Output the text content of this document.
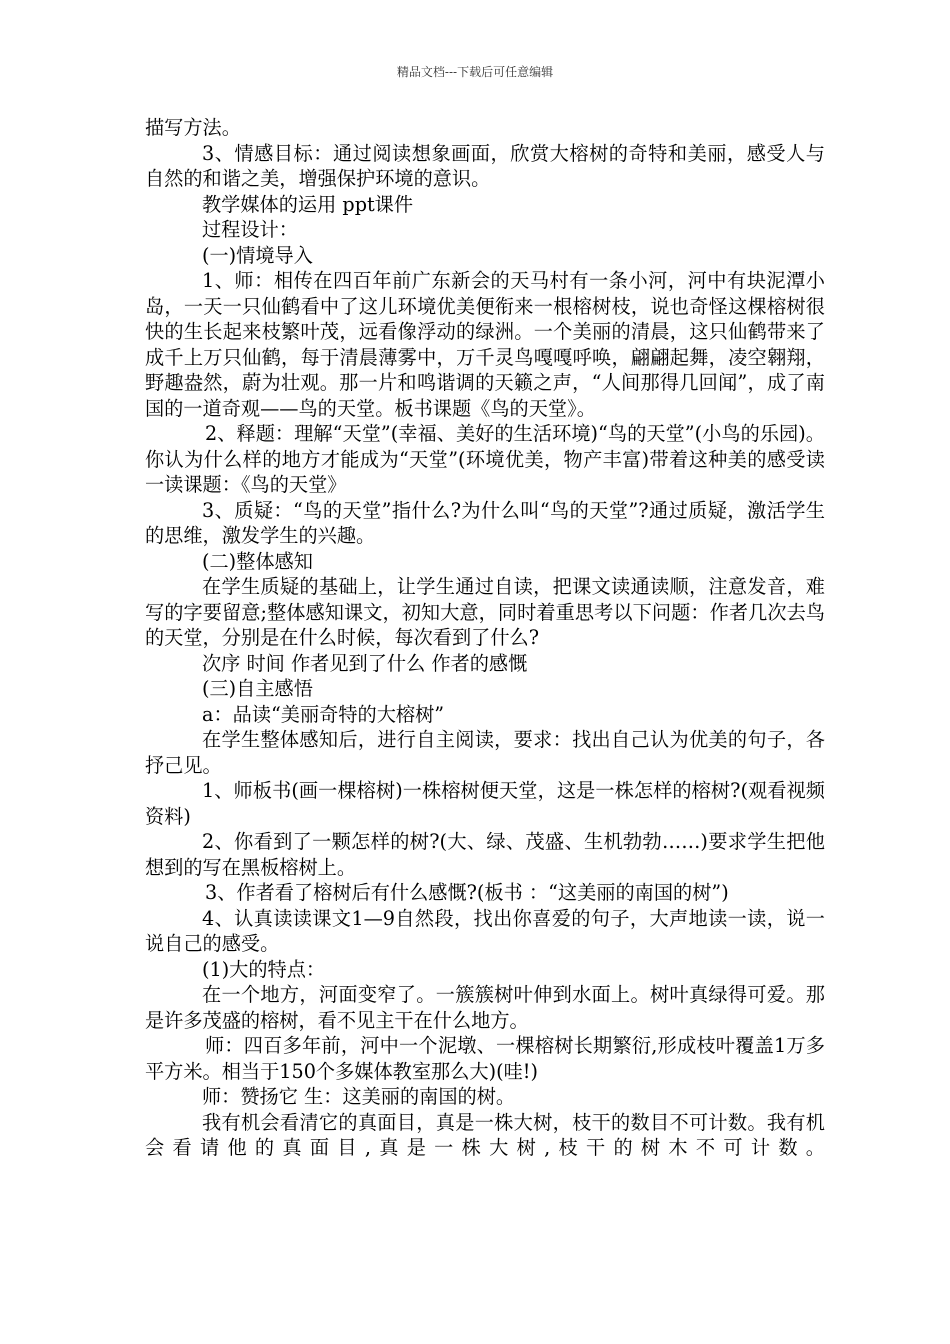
精品文档---下载后可任意编辑

描写方法。

3、情感目标：通过阅读想象画面，欣赏大榕树的奇特和美丽，感受人与自然的和谐之美，增强保护环境的意识。

教学媒体的运用 ppt课件

过程设计：

(一)情境导入

1、师：相传在四百年前广东新会的天马村有一条小河，河中有块泥潭小岛，一天一只仙鹤看中了这儿环境优美便衔来一根榕树枝，说也奇怪这棵榕树很快的生长起来枝繁叶茂，远看像浮动的绿洲。一个美丽的清晨，这只仙鹤带来了成千上万只仙鹤，每于清晨薄雾中，万千灵鸟嘎嘎呼唤，翩翩起舞，凌空翱翔，野趣盎然，蔚为壮观。那一片和鸣谐调的天籁之声，“人间那得几回闻”，成了南国的一道奇观——鸟的天堂。板书课题《鸟的天堂》。

2、释题：理解“天堂”(幸福、美好的生活环境)“鸟的天堂”(小鸟的乐园)。你认为什么样的地方才能成为“天堂”(环境优美，物产丰富)带着这种美的感受读一读课题：《鸟的天堂》

3、质疑：“鸟的天堂”指什么?为什么叫“鸟的天堂”?通过质疑，激活学生的思维，激发学生的兴趣。

(二)整体感知

在学生质疑的基础上，让学生通过自读，把课文读通读顺，注意发音，难写的字要留意;整体感知课文，初知大意，同时着重思考以下问题：作者几次去鸟的天堂，分别是在什么时候，每次看到了什么?

次序 时间 作者见到了什么 作者的感慨

(三)自主感悟

a：品读“美丽奇特的大榕树”

在学生整体感知后，进行自主阅读，要求：找出自己认为优美的句子，各抒己见。

1、师板书(画一棵榕树)一株榕树便天堂，这是一株怎样的榕树?(观看视频资料)

2、你看到了一颗怎样的树?(大、绿、茂盛、生机勃勃……)要求学生把他想到的写在黑板榕树上。

3、作者看了榕树后有什么感慨?(板书 ：“这美丽的南国的树”)

4、认真读读课文1—9自然段，找出你喜爱的句子，大声地读一读，说一说自己的感受。

(1)大的特点：

在一个地方，河面变窄了。一簇簇树叶伸到水面上。树叶真绿得可爱。那是许多茂盛的榕树，看不见主干在什么地方。

师：四百多年前，河中一个泥墩、一棵榕树长期繁衍,形成枝叶覆盖1万多平方米。相当于150个多媒体教室那么大)(哇!)

师：赞扬它 生：这美丽的南国的树。

我有机会看清它的真面目，真是一株大树，枝干的数目不可计数。我有机会看请他的真面目,真是一株大树,枝干的树木不可计数。
